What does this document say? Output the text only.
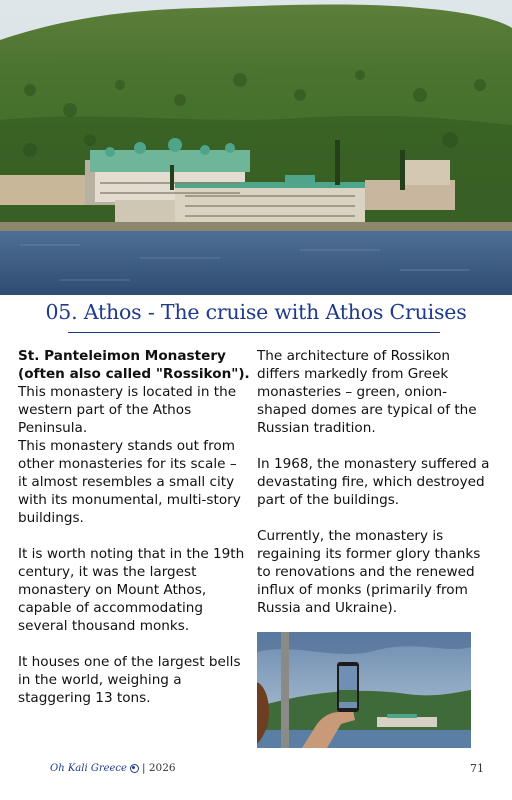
05. Athos - The cruise with Athos Cruises

St. Panteleimon Monastery (often also called "Rossikon").

This monastery is located in the western part of the Athos Peninsula.

This monastery stands out from other monasteries for its scale – it almost resembles a small city with its monumental, multi-story buildings.

It is worth noting that in the 19th century, it was the largest monastery on Mount Athos, capable of accommodating several thousand monks.

It houses one of the largest bells in the world, weighing a staggering 13 tons.

The architecture of Rossikon differs markedly from Greek monasteries – green, onion-shaped domes are typical of the Russian tradition.

In 1968, the monastery suffered a devastating fire, which destroyed part of the buildings.

Currently, the monastery is regaining its former glory thanks to renovations and the renewed influx of monks (primarily from Russia and Ukraine).

Oh Kali Greece | 2026	71
